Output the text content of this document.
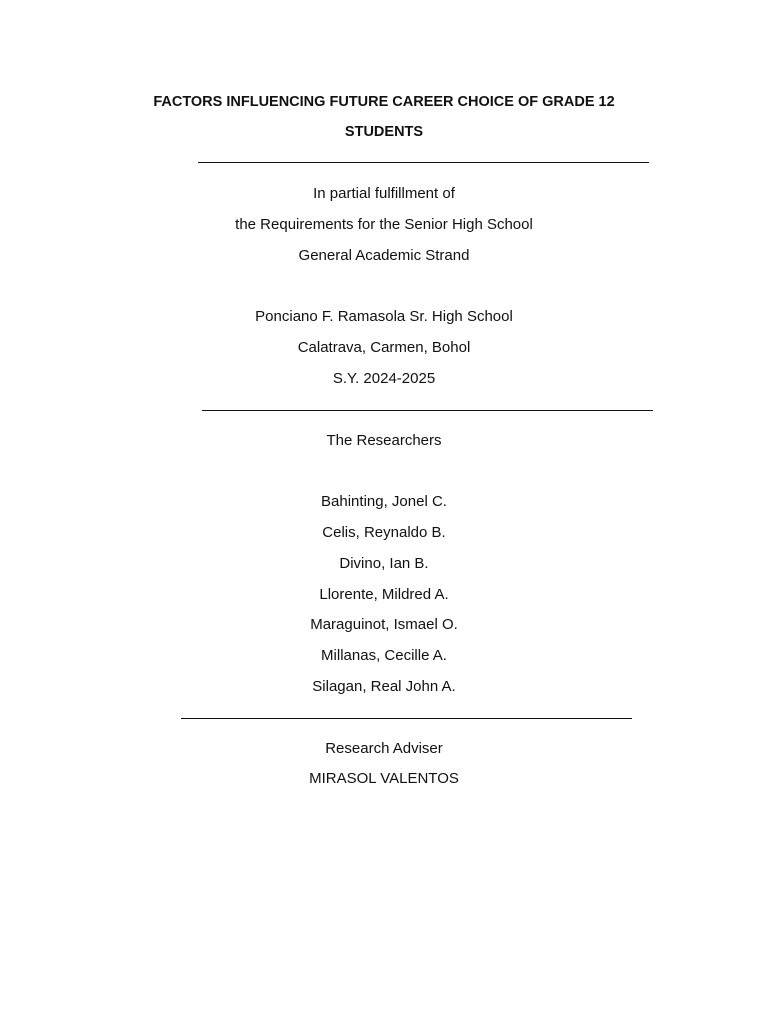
FACTORS INFLUENCING FUTURE CAREER CHOICE OF GRADE 12
STUDENTS
In partial fulfillment of
the Requirements for the Senior High School
General Academic Strand
Ponciano F. Ramasola Sr. High School
Calatrava, Carmen, Bohol
S.Y. 2024-2025
The Researchers
Bahinting, Jonel C.
Celis, Reynaldo B.
Divino, Ian B.
Llorente, Mildred A.
Maraguinot, Ismael O.
Millanas, Cecille A.
Silagan, Real John A.
Research Adviser
MIRASOL VALENTOS
